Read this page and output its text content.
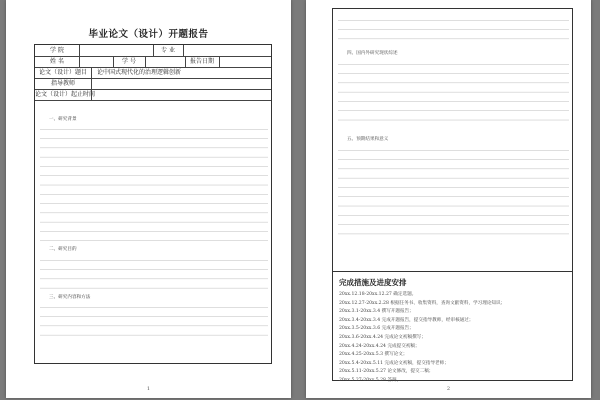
毕业论文（设计）开题报告
学 院	专 业
姓 名	学 号	报告日期
论文（设计）题目	论中国式现代化的治理逻辑创新
指导教师
论文（设计）起止时间
一、研究背景
二、研究目的
三、研究内容和方法
1
四、国内外研究现状综述
五、预期结果和意义
完成措施及进度安排
20xx.12.18-20xx.12.27 确定选题。
20xx.12.27-20xx.2.28 根据任务书、收集资料，查询文献资料，学习理论知识；
20xx.3.1-20xx.3.4 撰写开题报告；
20xx.3.4-20xx.3.4 完成开题报告，提交指导教师，经审核通过；
20xx.3.5-20xx.3.6 完成开题报告；
20xx.3.6-20xx.4.24 完成论文初稿撰写；
20xx.4.24-20xx.4.24 完成提交初稿；
20xx.4.25-20xx.5.3 撰写论文；
20xx.5.4-20xx.5.11 完成论文初稿，提交指导老师；
20xx.5.11-20xx.5.27 论文修改，提交二稿；
20xx.5.27-20xx.5.28 答辩。
2
